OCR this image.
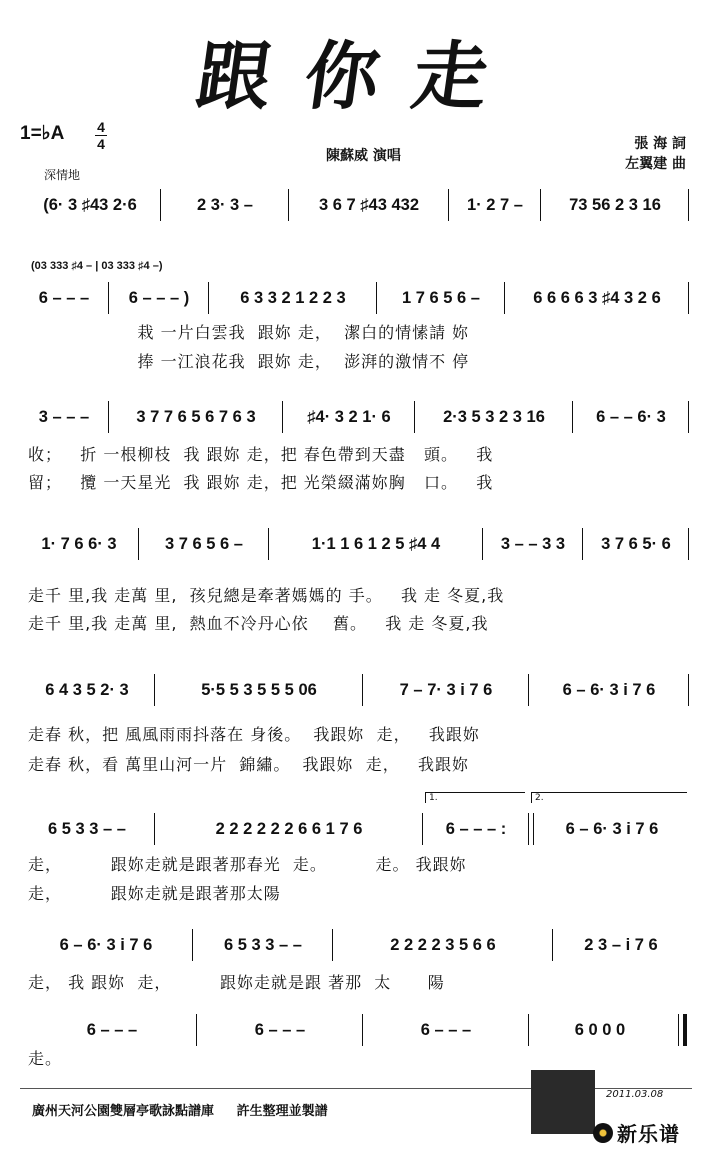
跟你走
1=♭A 4
4
深情地
陳蘇威 演唱
張 海 詞
左翼建 曲
(6· 3 ♯43 2·6	2 3· 3 –	3 6 7 ♯43 432	1· 2 7 –	73 56 2 3 16
(03 333 ♯4 – | 03 333 ♯4 –)
6 – – –	6 – – – )	6 3 3 2 1 2 2 3	1 7 6 5 6 –	6 6 6 6 3 ♯4 3 2 6
栽 一片白雲我  跟妳 走，  潔白的情愫請 妳
捧 一江浪花我  跟妳 走，  澎湃的激情不 停
3 – – –	3 7 7 6 5 6 7 6 3	♯4· 3 2 1· 6	2·3 5 3 2 3 16	6 – – 6· 3
收；   折 一根柳枝  我 跟妳 走，把 春色帶到天盡   頭。   我
留；   攬 一天星光  我 跟妳 走，把 光榮綴滿妳胸   口。   我
1· 7 6 6· 3	3 7 6 5 6 –	1·1 1 6 1 2 5 ♯4 4	3 – – 3 3	3 7 6 5· 6
走千 里,我 走萬 里,  孩兒總是牽著媽媽的 手。   我 走 冬夏,我
走千 里,我 走萬 里,  熱血不冷丹心依    舊。   我 走 冬夏,我
6 4 3 5 2· 3	5·5 5 3 5 5 5 06	7 – 7· 3 i 7 6	6 – 6· 3 i 7 6
走春 秋，把 風風雨雨抖落在 身後。  我跟妳  走，   我跟妳
走春 秋，看 萬里山河一片  錦繡。  我跟妳  走，   我跟妳
1.	2.
6 5 3 3 – –	2 2 2 2 2 2 6 6 1 7 6	6 – – – :	6 – 6· 3 i 7 6
走，        跟妳走就是跟著那春光  走。        走。 我跟妳
走，        跟妳走就是跟著那太陽
6 – 6· 3 i 7 6	6 5 3 3 – –	2 2 2 2 3 5 6 6	2 3 – i 7 6
走， 我 跟妳  走，        跟妳走就是跟 著那  太      陽
6 – – –	6 – – –	6 – – –	6 0 0 0
走。
廣州天河公園雙層亭歌詠點譜庫 許生整理並製譜
2011.03.08
新乐谱
